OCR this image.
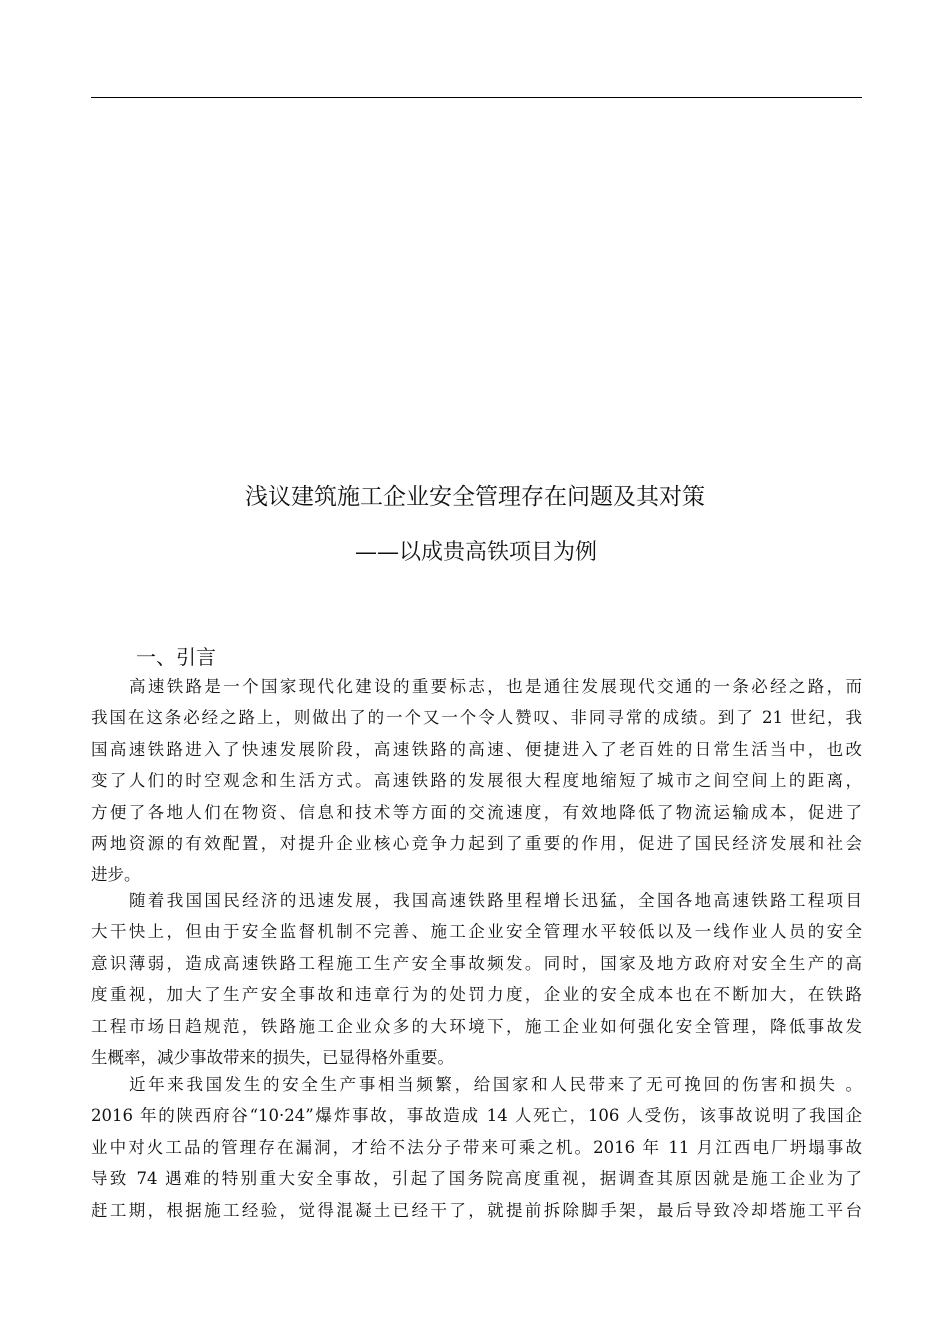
浅议建筑施工企业安全管理存在问题及其对策
——以成贵高铁项目为例
一、引言
高速铁路是一个国家现代化建设的重要标志，也是通往发展现代交通的一条必经之路，而
我国在这条必经之路上，则做出了的一个又一个令人赞叹、非同寻常的成绩。到了 21 世纪，我
国高速铁路进入了快速发展阶段，高速铁路的高速、便捷进入了老百姓的日常生活当中，也改
变了人们的时空观念和生活方式。高速铁路的发展很大程度地缩短了城市之间空间上的距离，
方便了各地人们在物资、信息和技术等方面的交流速度，有效地降低了物流运输成本，促进了
两地资源的有效配置，对提升企业核心竞争力起到了重要的作用，促进了国民经济发展和社会
进步。
随着我国国民经济的迅速发展，我国高速铁路里程增长迅猛，全国各地高速铁路工程项目
大干快上，但由于安全监督机制不完善、施工企业安全管理水平较低以及一线作业人员的安全
意识薄弱，造成高速铁路工程施工生产安全事故频发。同时，国家及地方政府对安全生产的高
度重视，加大了生产安全事故和违章行为的处罚力度，企业的安全成本也在不断加大，在铁路
工程市场日趋规范，铁路施工企业众多的大环境下，施工企业如何强化安全管理，降低事故发
生概率，减少事故带来的损失，已显得格外重要。
近年来我国发生的安全生产事相当频繁，给国家和人民带来了无可挽回的伤害和损失 。
2016 年的陕西府谷“10·24”爆炸事故，事故造成 14 人死亡，106 人受伤，该事故说明了我国企
业中对火工品的管理存在漏洞，才给不法分子带来可乘之机。2016 年 11 月江西电厂坍塌事故
导致 74 遇难的特别重大安全事故，引起了国务院高度重视，据调查其原因就是施工企业为了
赶工期，根据施工经验，觉得混凝土已经干了，就提前拆除脚手架，最后导致冷却塔施工平台
